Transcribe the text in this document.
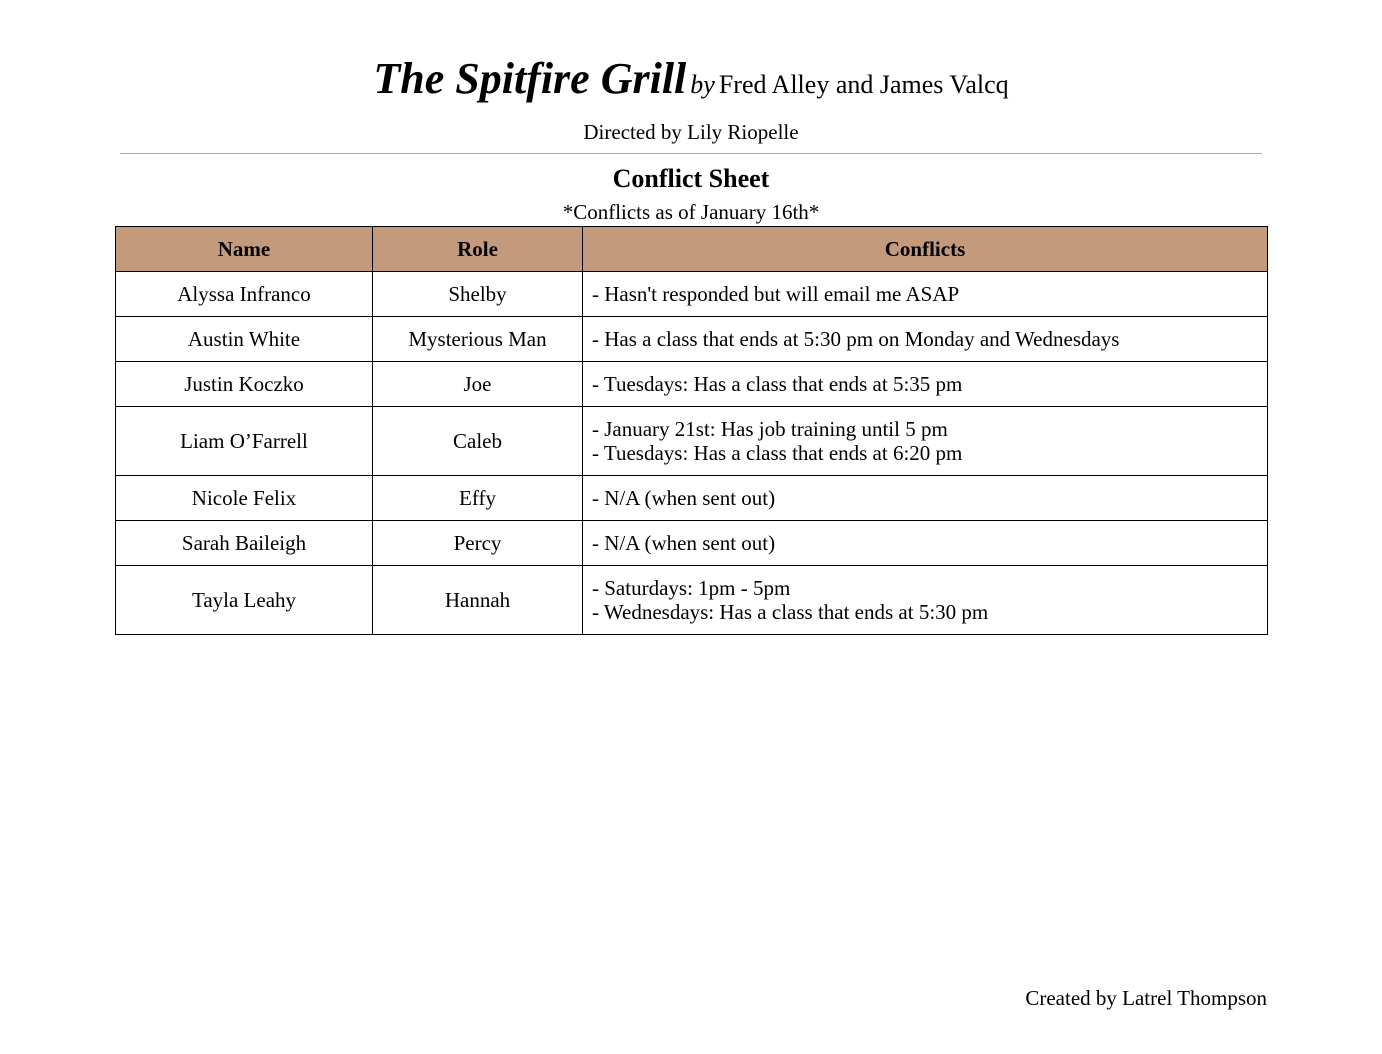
The Spitfire Grill by Fred Alley and James Valcq
Directed by Lily Riopelle
Conflict Sheet
*Conflicts as of January 16th*
Name	Role	Conflicts
Alyssa Infranco	Shelby	- Hasn't responded but will email me ASAP

Austin White	Mysterious Man	- Has a class that ends at 5:30 pm on Monday and Wednesdays

Justin Koczko	Joe	- Tuesdays: Has a class that ends at 5:35 pm

Liam O’Farrell	Caleb	- January 21st: Has job training until 5 pm
- Tuesdays: Has a class that ends at 6:20 pm

Nicole Felix	Effy	- N/A (when sent out)

Sarah Baileigh	Percy	- N/A (when sent out)

Tayla Leahy	Hannah	- Saturdays: 1pm - 5pm
- Wednesdays: Has a class that ends at 5:30 pm
Created by Latrel Thompson
